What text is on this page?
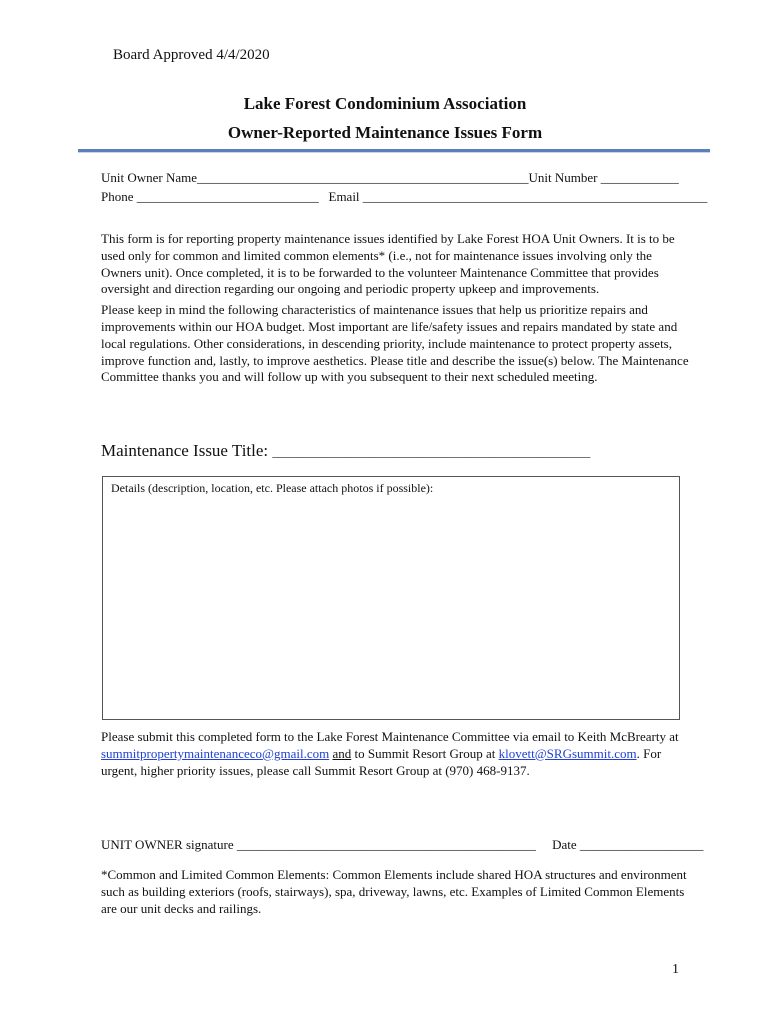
Board Approved 4/4/2020
Lake Forest Condominium Association
Owner-Reported Maintenance Issues Form
Unit Owner Name___________________________________________________Unit Number ____________
Phone ____________________________ Email _____________________________________________________

This form is for reporting property maintenance issues identified by Lake Forest HOA Unit Owners. It is to be used only for common and limited common elements* (i.e., not for maintenance issues involving only the Owners unit). Once completed, it is to be forwarded to the volunteer Maintenance Committee that provides oversight and direction regarding our ongoing and periodic property upkeep and improvements.

Please keep in mind the following characteristics of maintenance issues that help us prioritize repairs and improvements within our HOA budget. Most important are life/safety issues and repairs mandated by state and local regulations. Other considerations, in descending priority, include maintenance to protect property assets, improve function and, lastly, to improve aesthetics. Please title and describe the issue(s) below. The Maintenance Committee thanks you and will follow up with you subsequent to their next scheduled meeting.

Maintenance Issue Title: _____________________________________________________
Details (description, location, etc. Please attach photos if possible):
Please submit this completed form to the Lake Forest Maintenance Committee via email to Keith McBrearty at summitpropertymaintenanceco@gmail.com and to Summit Resort Group at klovett@SRGsummit.com. For urgent, higher priority issues, please call Summit Resort Group at (970) 468-9137.
UNIT OWNER signature ______________________________________________ Date ___________________
*Common and Limited Common Elements: Common Elements include shared HOA structures and environment such as building exteriors (roofs, stairways), spa, driveway, lawns, etc. Examples of Limited Common Elements are our unit decks and railings.
1
